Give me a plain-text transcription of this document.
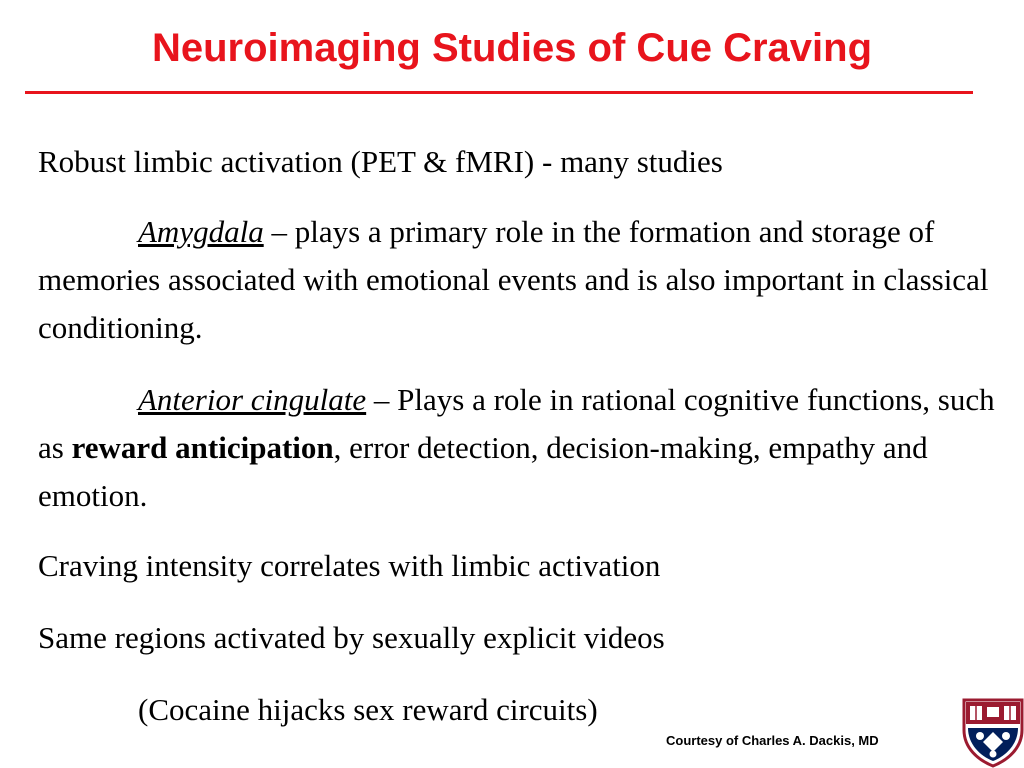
Neuroimaging Studies of Cue Craving

Robust limbic activation (PET & fMRI) - many studies

Amygdala – plays a primary role in the formation and storage of memories associated with emotional events and is also important in classical conditioning.

Anterior cingulate – Plays a role in rational cognitive functions, such as reward anticipation, error detection, decision-making, empathy and emotion.

Craving intensity correlates with limbic activation

Same regions activated by sexually explicit videos

(Cocaine hijacks sex reward circuits)

Courtesy of Charles A. Dackis, MD
